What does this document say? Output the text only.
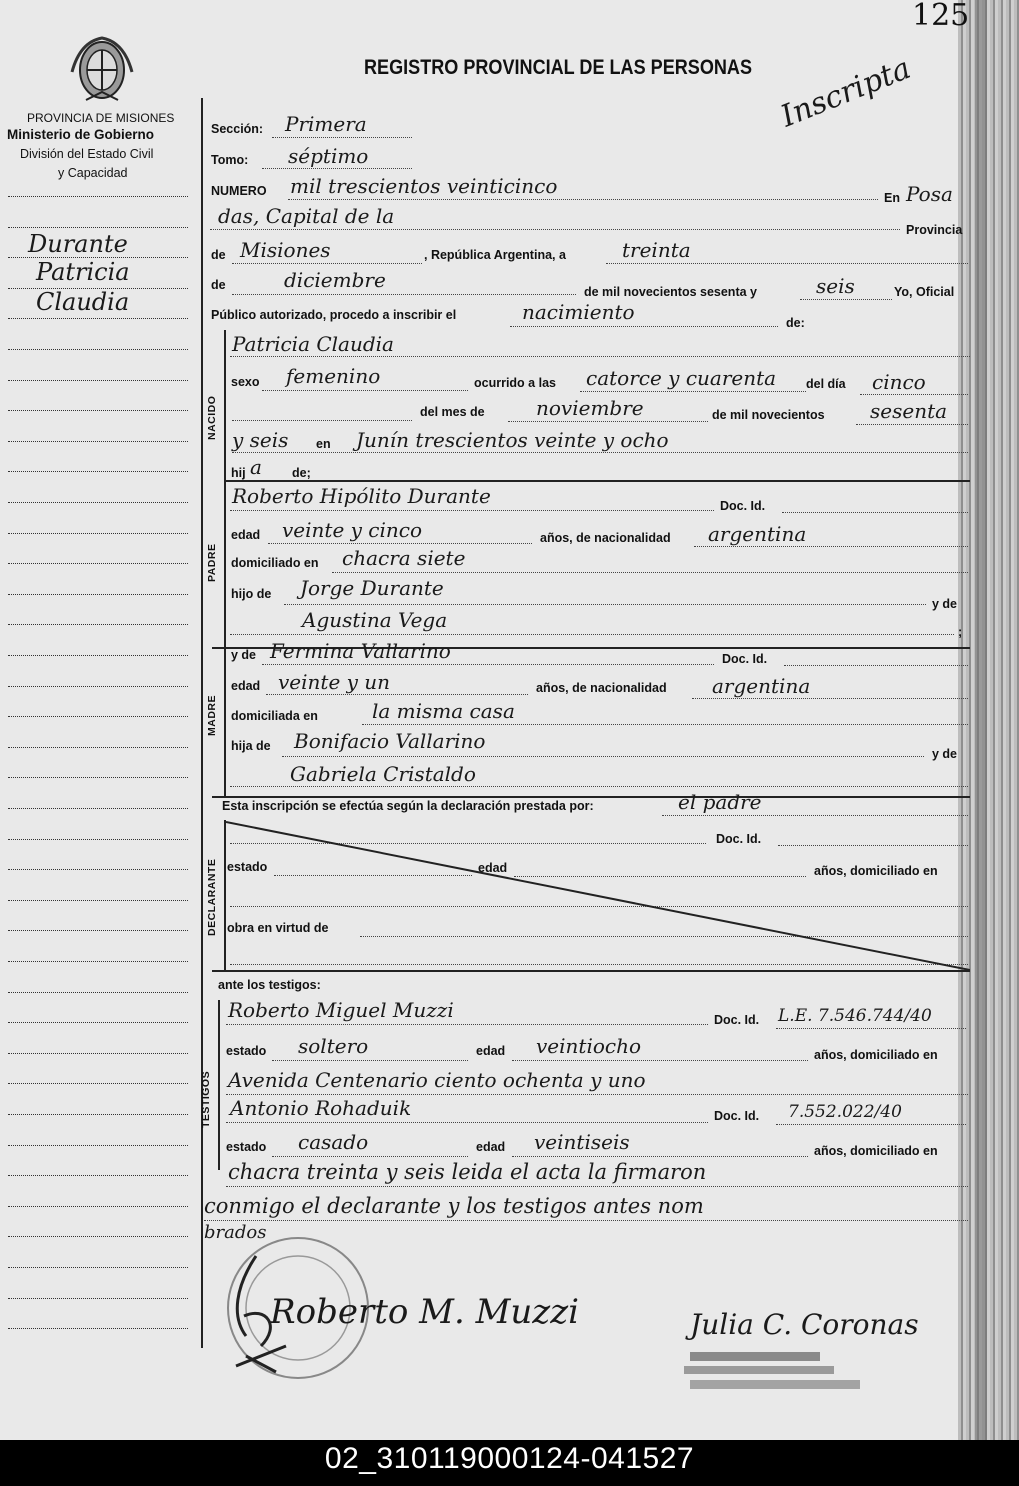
125
PROVINCIA DE MISIONES
Ministerio de Gobierno
División del Estado Civil
y Capacidad
REGISTRO PROVINCIAL DE LAS PERSONAS Inscripta
Durante
Patricia
Claudia
Sección: Primera
Tomo: séptimo
NUMERO mil trescientos veinticinco	En Posa
das, Capital de la
Provincia
de Misiones	, República Argentina, a	treinta
de	diciembre	de mil novecientos sesenta y	seis	Yo, Oficial
Público autorizado, procedo a inscribir el	nacimiento	de:
NACIDO
Patricia Claudia
sexo femenino	ocurrido a las catorce y cuarenta del día cinco
del mes de	noviembre	de mil novecientos sesenta
y seis en Junín trescientos veinte y ocho
hij a de;
PADRE
Roberto Hipólito Durante	Doc. Id.
edad veinte y cinco	años, de nacionalidad argentina
domiciliado en chacra siete
hijo de Jorge Durante
y de
Agustina Vega	;
MADRE
y de Fermina Vallarino	Doc. Id.
edad veinte y un	años, de nacionalidad argentina
domiciliada en	la misma casa
hija de Bonifacio Vallarino
y de
Gabriela Cristaldo
Esta inscripción se efectúa según la declaración prestada por:	el padre
DECLARANTE
Doc. Id.
estado	edad	años, domiciliado en
obra en virtud de
ante los testigos:
TESTIGOS
Roberto Miguel Muzzi	Doc. Id. L.E. 7.546.744/40
estado soltero	edad veintiocho	años, domiciliado en
Avenida Centenario ciento ochenta y uno
Antonio Rohaduik	Doc. Id. 7.552.022/40
estado casado	edad veintiseis	años, domiciliado en
chacra treinta y seis leida el acta la firmaron
conmigo el declarante y los testigos antes nom
brados
Roberto M. Muzzi	Julia C. Coronas
02_310119000124-041527
